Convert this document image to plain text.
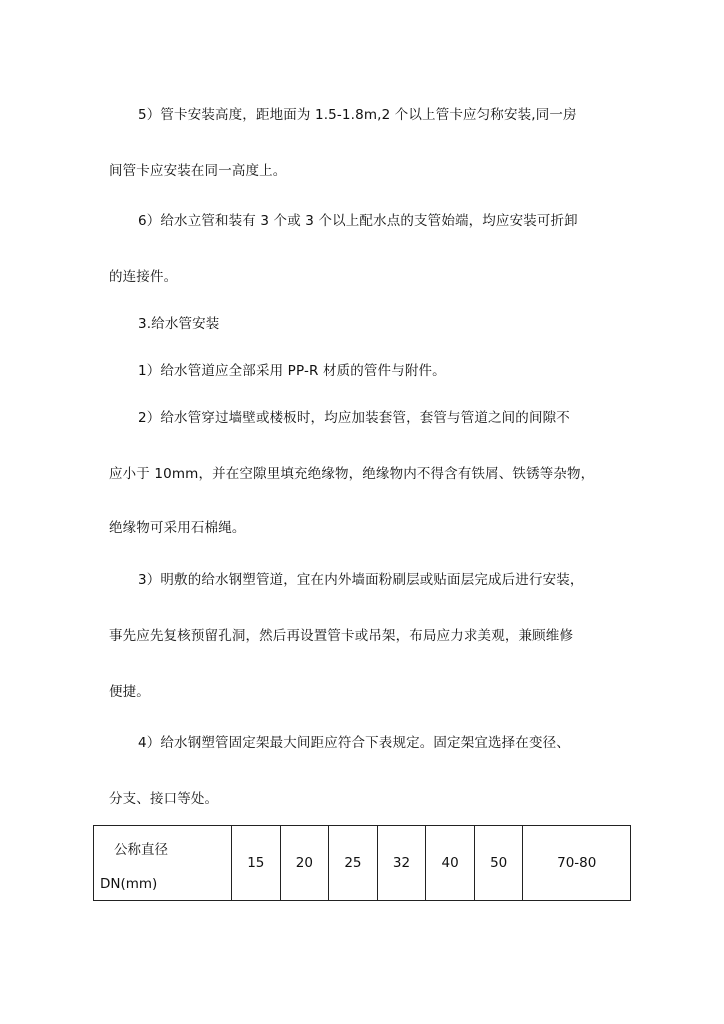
5）管卡安装高度，距地面为 1.5-1.8m,2 个以上管卡应匀称安装,同一房
间管卡应安装在同一高度上。
6）给水立管和装有 3 个或 3 个以上配水点的支管始端，均应安装可折卸
的连接件。
3.给水管安装
1）给水管道应全部采用 PP-R 材质的管件与附件。
2）给水管穿过墙壁或楼板时，均应加装套管，套管与管道之间的间隙不
应小于 10mm，并在空隙里填充绝缘物，绝缘物内不得含有铁屑、铁锈等杂物，
绝缘物可采用石棉绳。
3）明敷的给水钢塑管道，宜在内外墙面粉刷层或贴面层完成后进行安装，
事先应先复核预留孔洞，然后再设置管卡或吊架，布局应力求美观，兼顾维修
便捷。
4）给水钢塑管固定架最大间距应符合下表规定。固定架宜选择在变径、
分支、接口等处。
公称直径
DN(mm)
	15	20	25	32	40	50	70-80
